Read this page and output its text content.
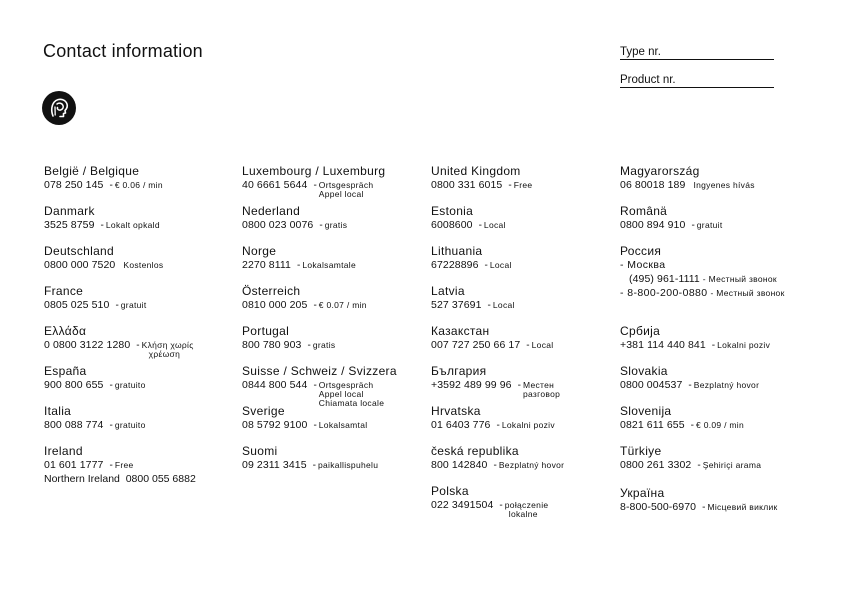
Contact information	Type nr.
Product nr.
België / Belgique
078 250 145 - € 0.06 / min
Danmark
3525 8759 - Lokalt opkald
Deutschland
0800 000 7520 Kostenlos
France
0805 025 510 - gratuit
Ελλάδα
0 0800 3122 1280 - Κλήση χωρίς
χρέωση
España
900 800 655 - gratuito
Italia
800 088 774 - gratuito
Ireland
01 601 1777 - Free
Northern Ireland  0800 055 6882
Luxembourg / Luxemburg
40 6661 5644 - Ortsgespräch
Appel local
Nederland
0800 023 0076 - gratis
Norge
2270 8111 - Lokalsamtale
Österreich
0810 000 205 - € 0.07 / min
Portugal
800 780 903 - gratis
Suisse / Schweiz / Svizzera
0844 800 544 - Ortsgespräch
Appel local
Chiamata locale
Sverige
08 5792 9100 - Lokalsamtal
Suomi
09 2311 3415 - paikallispuhelu
United Kingdom
0800 331 6015 - Free
Estonia
6008600 - Local
Lithuania
67228896 - Local
Latvia
527 37691 - Local
Казакстан
007 727 250 66 17 - Local
България
+3592 489 99 96 - Местен
разговор
Hrvatska
01 6403 776 - Lokalni poziv
česká republika
800 142840 - Bezplatný hovor
Polska
022 3491504 - połączenie
lokalne
Magyarország
06 80018 189 Ingyenes hívás
Românä
0800 894 910 - gratuit
Россия
- Москва
(495) 961-1111 - Местный звонок
- 8-800-200-0880 - Местный звонок
Србија
+381 114 440 841 - Lokalni poziv
Slovakia
0800 004537 - Bezplatný hovor
Slovenija
0821 611 655 - € 0.09 / min
Türkiye
0800 261 3302 - Şehiriçi arama
Україна
8-800-500-6970 - Місцевий виклик
